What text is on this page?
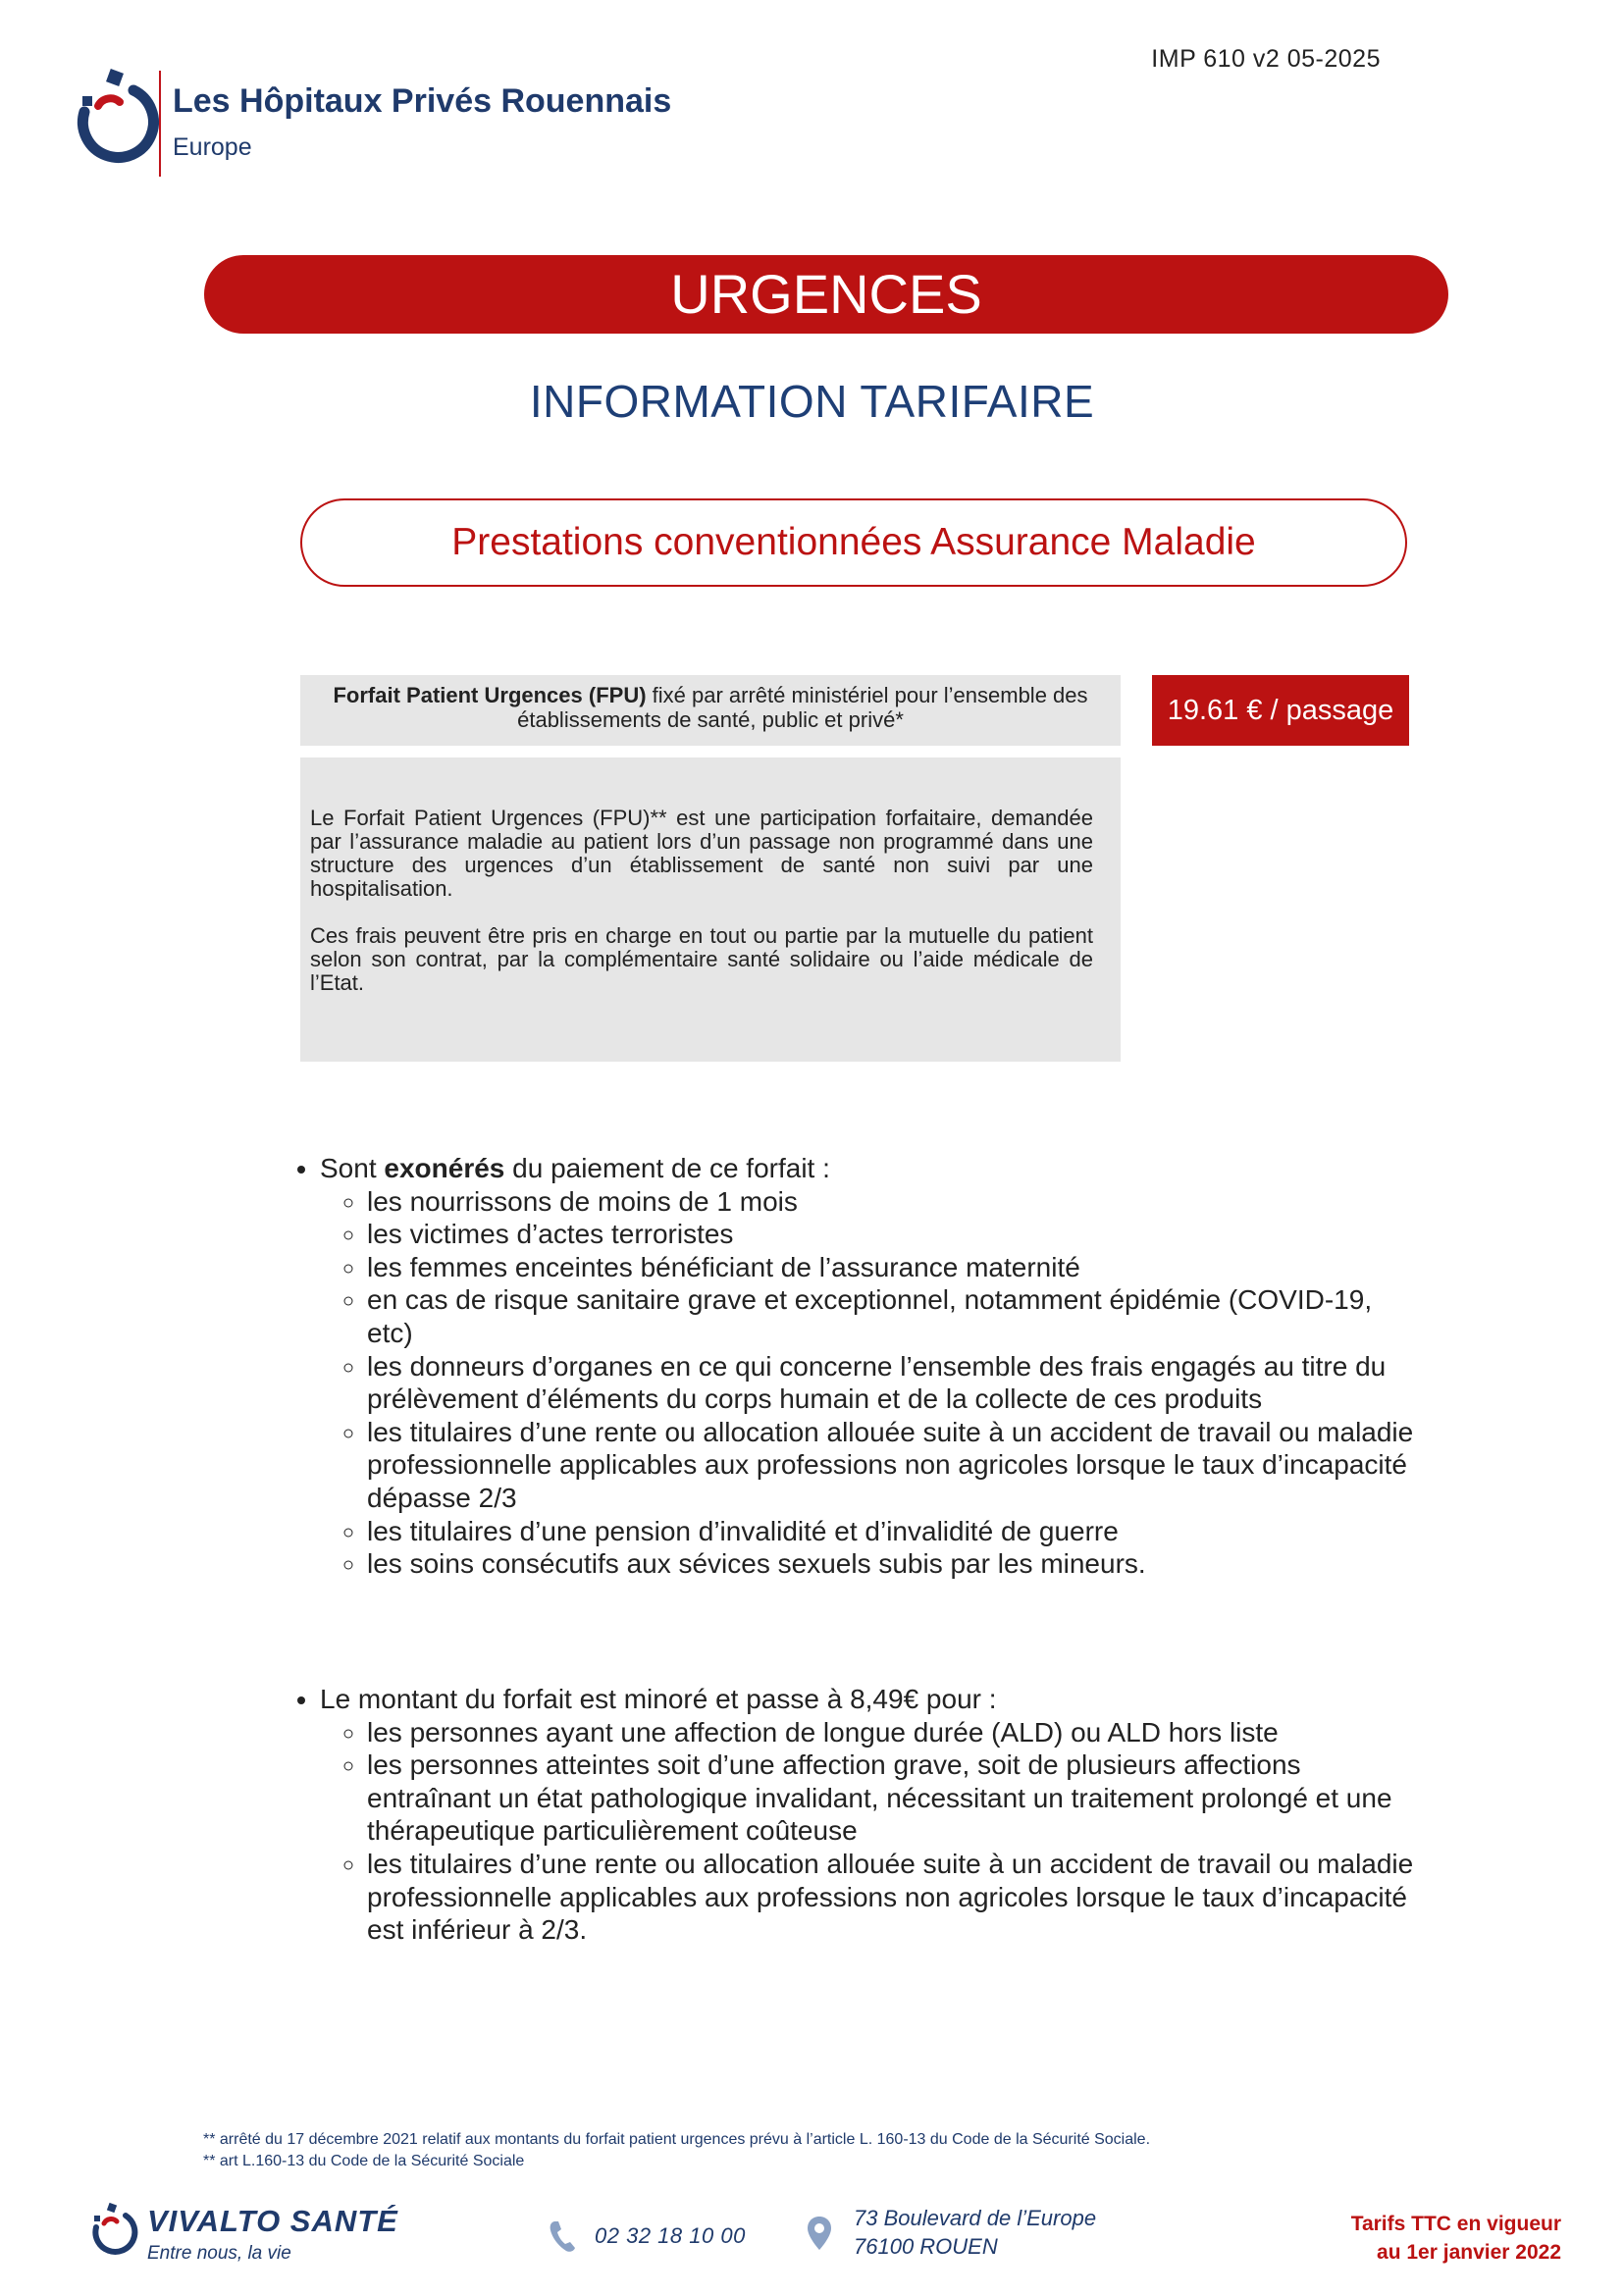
IMP 610 v2 05-2025
Les Hôpitaux Privés Rouennais
Europe
URGENCES
INFORMATION TARIFAIRE
Prestations conventionnées Assurance Maladie
Forfait Patient Urgences (FPU) fixé par arrêté ministériel pour l’ensemble des établissements de santé, public et privé*	19.61 € / passage

Le Forfait Patient Urgences (FPU)** est une participation forfaitaire, demandée par l’assurance maladie au patient lors d’un passage non programmé dans une structure des urgences d’un établissement de santé non suivi par une hospitalisation.

Ces frais peuvent être pris en charge en tout ou partie par la mutuelle du patient selon son contrat, par la complémentaire santé solidaire ou l’aide médicale de l’Etat.

• Sont exonérés du paiement de ce forfait :
◦ les nourrissons de moins de 1 mois
◦ les victimes d’actes terroristes
◦ les femmes enceintes bénéficiant de l’assurance maternité
◦ en cas de risque sanitaire grave et exceptionnel, notamment épidémie (COVID-19, etc)
◦ les donneurs d’organes en ce qui concerne l’ensemble des frais engagés au titre du prélèvement d’éléments du corps humain et de la collecte de ces produits
◦ les titulaires d’une rente ou allocation allouée suite à un accident de travail ou maladie professionnelle applicables aux professions non agricoles lorsque le taux d’incapacité dépasse 2/3
◦ les titulaires d’une pension d’invalidité et d’invalidité de guerre
◦ les soins consécutifs aux sévices sexuels subis par les mineurs.
• Le montant du forfait est minoré et passe à 8,49€ pour :
◦ les personnes ayant une affection de longue durée (ALD) ou ALD hors liste
◦ les personnes atteintes soit d’une affection grave, soit de plusieurs affections entraînant un état pathologique invalidant, nécessitant un traitement prolongé et une thérapeutique particulièrement coûteuse
◦ les titulaires d’une rente ou allocation allouée suite à un accident de travail ou maladie professionnelle applicables aux professions non agricoles lorsque le taux d’incapacité est inférieur à 2/3.
** arrêté du 17 décembre 2021 relatif aux montants du forfait patient urgences prévu à l’article L. 160-13 du Code de la Sécurité Sociale.
** art L.160-13 du Code de la Sécurité Sociale
VIVALTO SANTÉ
Entre nous, la vie
02 32 18 10 00
73 Boulevard de l’Europe
76100 ROUEN
Tarifs TTC en vigueur
au 1er janvier 2022
